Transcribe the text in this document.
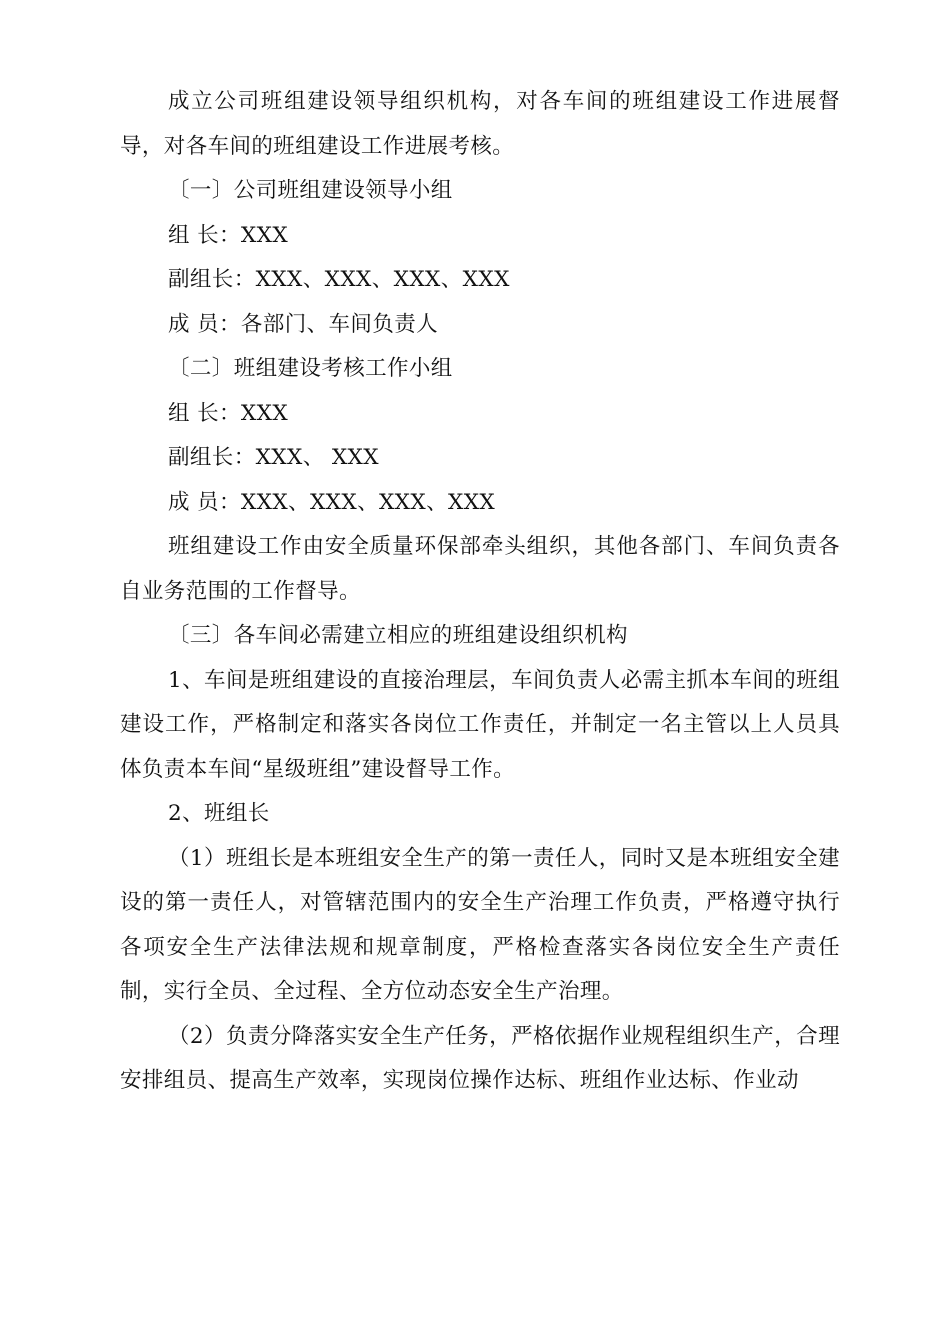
成立公司班组建设领导组织机构，对各车间的班组建设工作进展督导，对各车间的班组建设工作进展考核。

〔一〕公司班组建设领导小组

组 长：XXX

副组长：XXX、XXX、XXX、XXX

成 员：各部门、车间负责人

〔二〕班组建设考核工作小组

组 长：XXX

副组长：XXX、 XXX

成 员：XXX、XXX、XXX、XXX

班组建设工作由安全质量环保部牵头组织，其他各部门、车间负责各自业务范围的工作督导。

〔三〕各车间必需建立相应的班组建设组织机构

1、车间是班组建设的直接治理层，车间负责人必需主抓本车间的班组建设工作，严格制定和落实各岗位工作责任，并制定一名主管以上人员具体负责本车间“星级班组”建设督导工作。

2、班组长

（1）班组长是本班组安全生产的第一责任人，同时又是本班组安全建设的第一责任人，对管辖范围内的安全生产治理工作负责，严格遵守执行各项安全生产法律法规和规章制度，严格检查落实各岗位安全生产责任制，实行全员、全过程、全方位动态安全生产治理。

（2）负责分降落实安全生产任务，严格依据作业规程组织生产，合理安排组员、提高生产效率，实现岗位操作达标、班组作业达标、作业动
